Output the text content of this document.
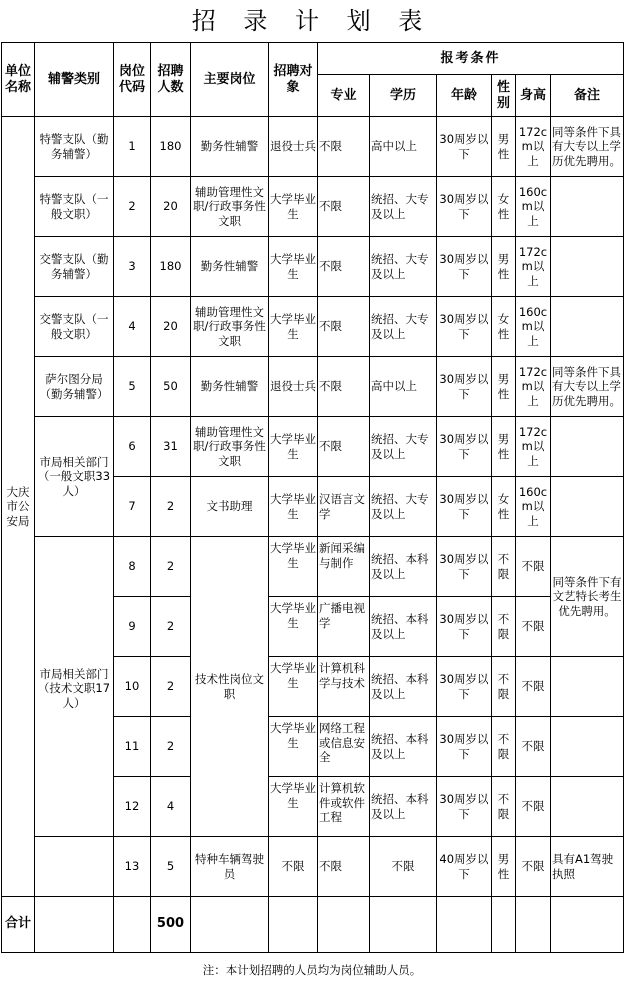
招 录 计 划 表
单位名称	辅警类别	岗位代码	招聘人数	主要岗位	招聘对象	报考条件					
						专业	学历	年龄	性别	身高	备注
大庆市公安局	特警支队（勤务辅警）	1	180	勤务性辅警	退役士兵	不限	高中以上	30周岁以下	男性	172cm以上	同等条件下具有大专以上学历优先聘用。
	特警支队（一般文职）	2	20	辅助管理性文职/行政事务性文职	大学毕业生	不限	统招、大专及以上	30周岁以下	女性	160cm以上	
	交警支队（勤务辅警）	3	180	勤务性辅警	大学毕业生	不限	统招、大专及以上	30周岁以下	男性	172cm以上	
	交警支队（一般文职）	4	20	辅助管理性文职/行政事务性文职	大学毕业生	不限	统招、大专及以上	30周岁以下	女性	160cm以上	
	萨尔图分局（勤务辅警）	5	50	勤务性辅警	退役士兵	不限	高中以上	30周岁以下	男性	172cm以上	同等条件下具有大专以上学历优先聘用。
	市局相关部门（一般文职33人）	6	31	辅助管理性文职/行政事务性文职	大学毕业生	不限	统招、大专及以上	30周岁以下	男性	172cm以上	
		7	2	文书助理	大学毕业生	汉语言文学	统招、大专及以上	30周岁以下	女性	160cm以上	
	市局相关部门（技术文职17人）	8	2	技术性岗位文职	大学毕业生	新闻采编与制作	统招、本科及以上	30周岁以下	不限	不限	同等条件下有文艺特长考生优先聘用。
		9	2		大学毕业生	广播电视学	统招、本科及以上	30周岁以下	不限	不限	
		10	2		大学毕业生	计算机科学与技术	统招、本科及以上	30周岁以下	不限	不限	
		11	2		大学毕业生	网络工程或信息安全	统招、本科及以上	30周岁以下	不限	不限	
		12	4		大学毕业生	计算机软件或软件工程	统招、本科及以上	30周岁以下	不限	不限	
		13	5	特种车辆驾驶员	不限	不限	不限	40周岁以下	男性	不限	具有A1驾驶执照
合计			500								
注：本计划招聘的人员均为岗位辅助人员。
